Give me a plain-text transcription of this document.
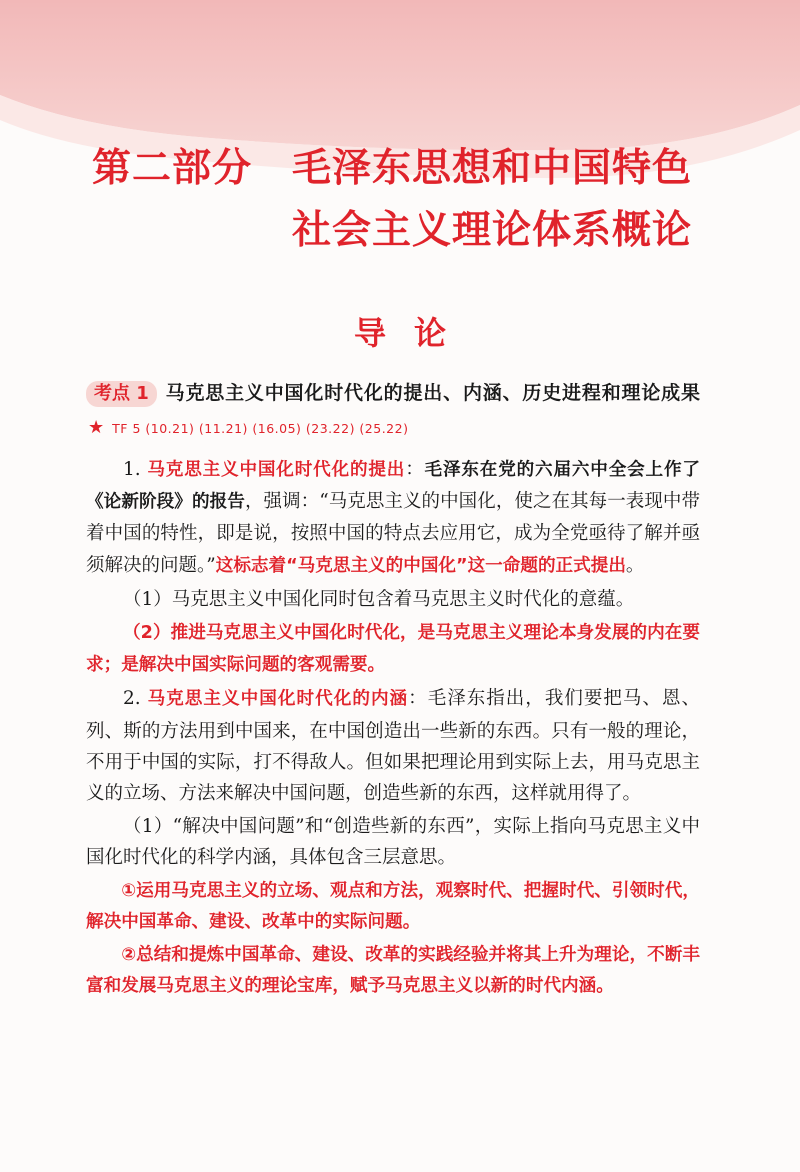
第二部分	毛泽东思想和中国特色
社会主义理论体系概论
导论
考点 1 马克思主义中国化时代化的提出、内涵、历史进程和理论成果★ TF 5 (10.21) (11.21) (16.05) (23.22) (25.22)

1. 马克思主义中国化时代化的提出：毛泽东在党的六届六中全会上作了《论新阶段》的报告，强调：“马克思主义的中国化，使之在其每一表现中带着中国的特性，即是说，按照中国的特点去应用它，成为全党亟待了解并亟须解决的问题。”这标志着“马克思主义的中国化”这一命题的正式提出。

（1）马克思主义中国化同时包含着马克思主义时代化的意蕴。

（2）推进马克思主义中国化时代化，是马克思主义理论本身发展的内在要求；是解决中国实际问题的客观需要。

2. 马克思主义中国化时代化的内涵：毛泽东指出，我们要把马、恩、列、斯的方法用到中国来，在中国创造出一些新的东西。只有一般的理论，不用于中国的实际，打不得敌人。但如果把理论用到实际上去，用马克思主义的立场、方法来解决中国问题，创造些新的东西，这样就用得了。

（1）“解决中国问题”和“创造些新的东西”，实际上指向马克思主义中国化时代化的科学内涵，具体包含三层意思。

①运用马克思主义的立场、观点和方法，观察时代、把握时代、引领时代，解决中国革命、建设、改革中的实际问题。

②总结和提炼中国革命、建设、改革的实践经验并将其上升为理论，不断丰富和发展马克思主义的理论宝库，赋予马克思主义以新的时代内涵。
